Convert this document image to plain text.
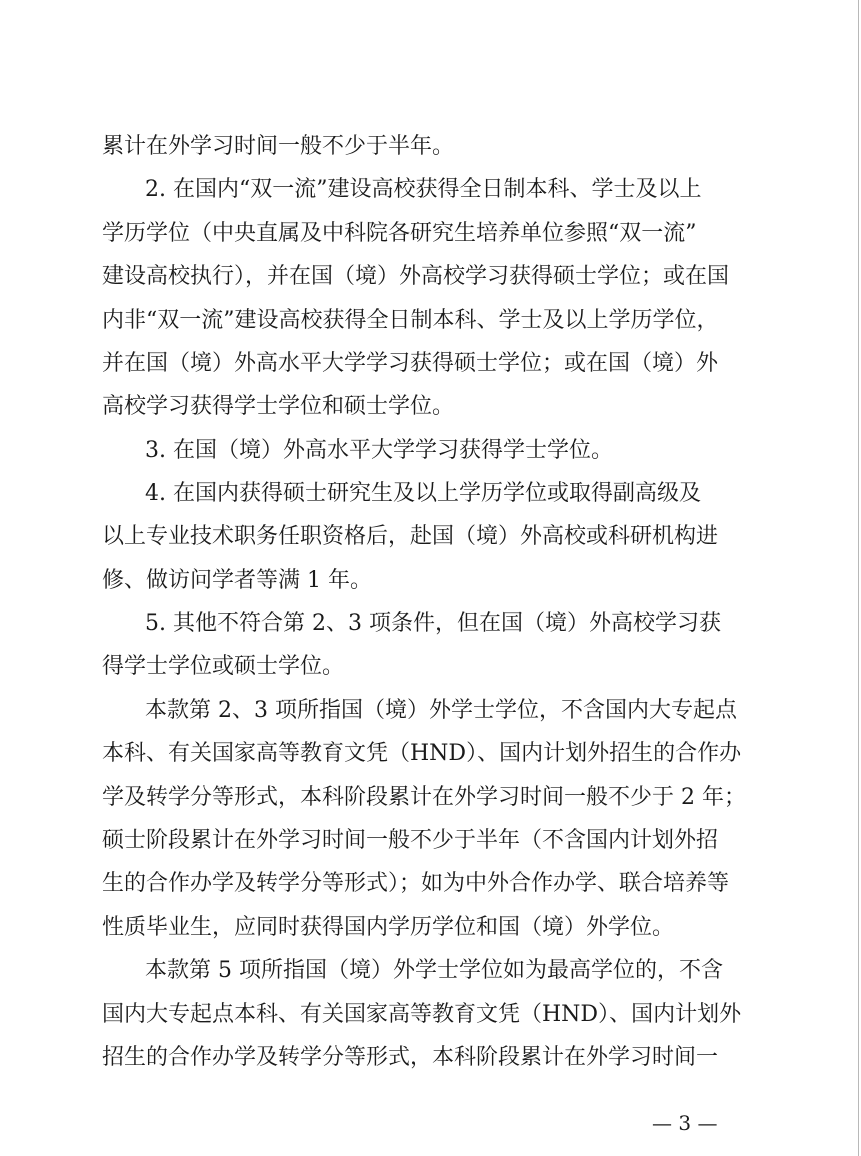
累计在外学习时间一般不少于半年。
2. 在国内“双一流”建设高校获得全日制本科、学士及以上
学历学位（中央直属及中科院各研究生培养单位参照“双一流”
建设高校执行），并在国（境）外高校学习获得硕士学位；或在国
内非“双一流”建设高校获得全日制本科、学士及以上学历学位，
并在国（境）外高水平大学学习获得硕士学位；或在国（境）外
高校学习获得学士学位和硕士学位。
3. 在国（境）外高水平大学学习获得学士学位。
4. 在国内获得硕士研究生及以上学历学位或取得副高级及
以上专业技术职务任职资格后，赴国（境）外高校或科研机构进
修、做访问学者等满 1 年。
5. 其他不符合第 2、3 项条件，但在国（境）外高校学习获
得学士学位或硕士学位。
本款第 2、3 项所指国（境）外学士学位，不含国内大专起点
本科、有关国家高等教育文凭（HND）、国内计划外招生的合作办
学及转学分等形式，本科阶段累计在外学习时间一般不少于 2 年；
硕士阶段累计在外学习时间一般不少于半年（不含国内计划外招
生的合作办学及转学分等形式）；如为中外合作办学、联合培养等
性质毕业生，应同时获得国内学历学位和国（境）外学位。
本款第 5 项所指国（境）外学士学位如为最高学位的，不含
国内大专起点本科、有关国家高等教育文凭（HND）、国内计划外
招生的合作办学及转学分等形式，本科阶段累计在外学习时间一
— 3 —
